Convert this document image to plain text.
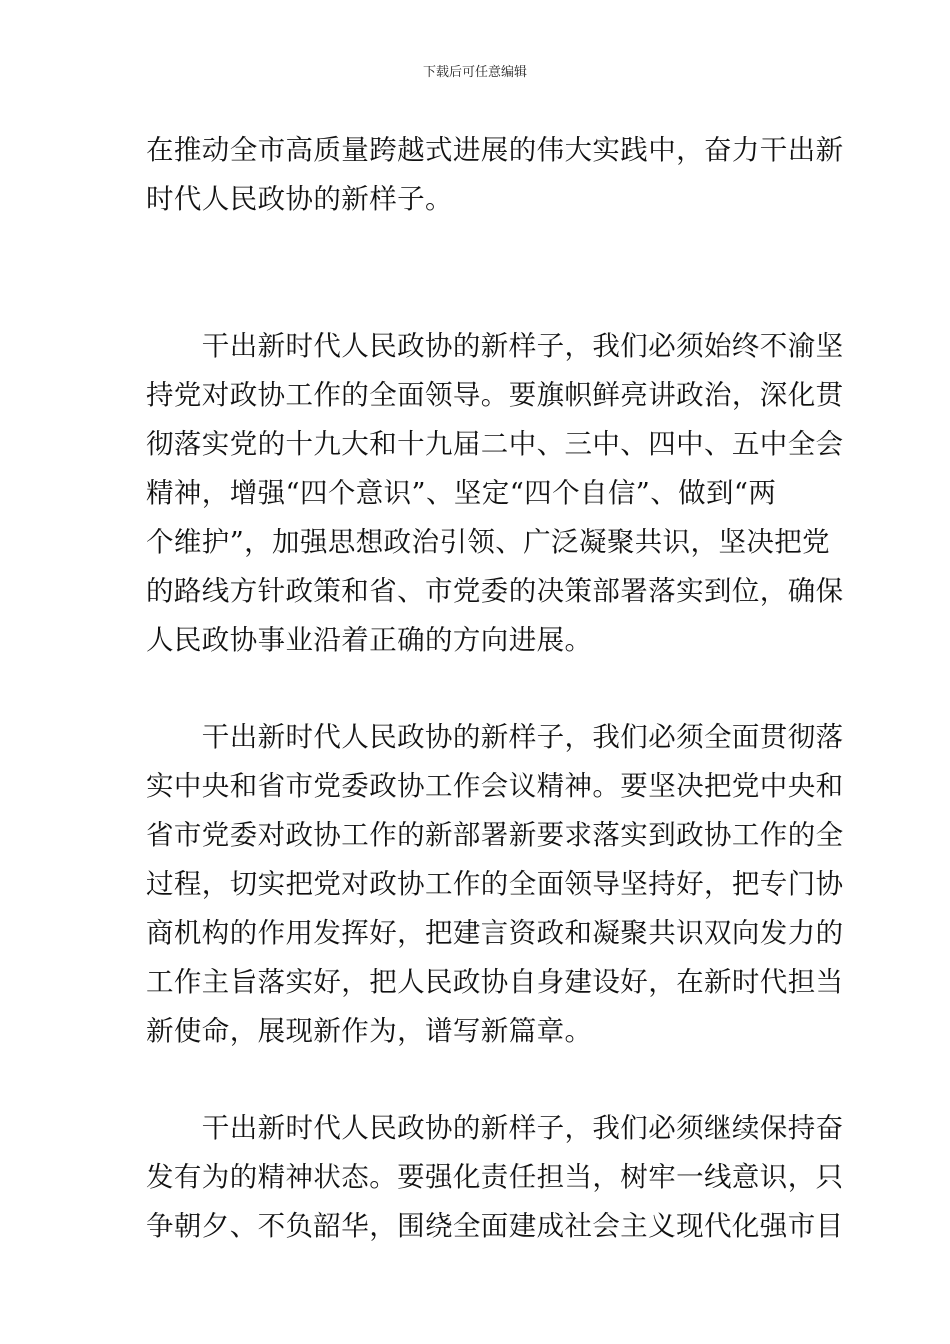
下载后可任意编辑
在推动全市高质量跨越式进展的伟大实践中，奋力干出新
时代人民政协的新样子。
　　干出新时代人民政协的新样子，我们必须始终不渝坚
持党对政协工作的全面领导。要旗帜鲜亮讲政治，深化贯
彻落实党的十九大和十九届二中、三中、四中、五中全会
精神，增强“四个意识”、坚定“四个自信”、做到“两
个维护”，加强思想政治引领、广泛凝聚共识，坚决把党
的路线方针政策和省、市党委的决策部署落实到位，确保
人民政协事业沿着正确的方向进展。
　　干出新时代人民政协的新样子，我们必须全面贯彻落
实中央和省市党委政协工作会议精神。要坚决把党中央和
省市党委对政协工作的新部署新要求落实到政协工作的全
过程，切实把党对政协工作的全面领导坚持好，把专门协
商机构的作用发挥好，把建言资政和凝聚共识双向发力的
工作主旨落实好，把人民政协自身建设好，在新时代担当
新使命，展现新作为，谱写新篇章。
　　干出新时代人民政协的新样子，我们必须继续保持奋
发有为的精神状态。要强化责任担当，树牢一线意识，只
争朝夕、不负韶华，围绕全面建成社会主义现代化强市目
